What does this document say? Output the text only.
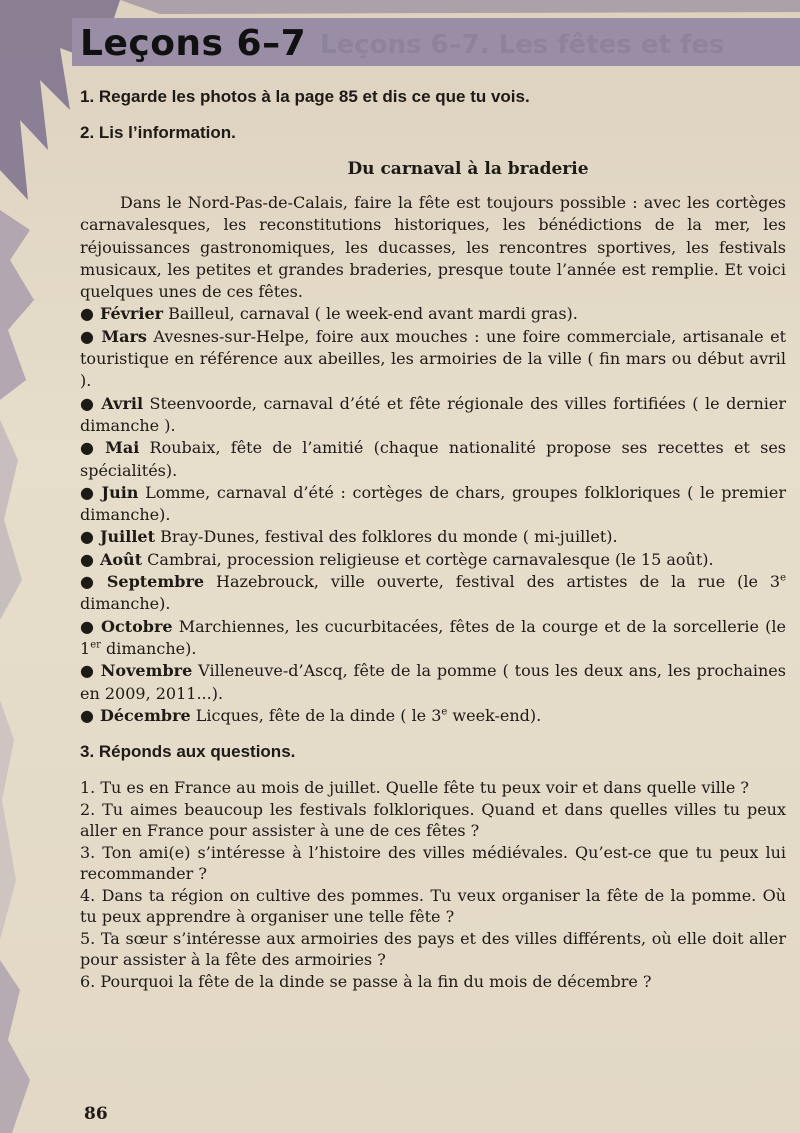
Leçons 6–7. Les fêtes et fes
Leçons 6–7

1. Regarde les photos à la page 85 et dis ce que tu vois.

2. Lis l’information.

Du carnaval à la braderie

Dans le Nord-Pas-de-Calais, faire la fête est toujours possible : avec les cortèges carnavalesques, les reconstitutions historiques, les bénédictions de la mer, les réjouissances gastronomiques, les ducasses, les rencontres sportives, les festivals musicaux, les petites et grandes braderies, presque toute l’année est remplie. Et voici quelques unes de ces fêtes.

● Février Bailleul, carnaval ( le week-end avant mardi gras).
● Mars Avesnes-sur-Helpe, foire aux mouches : une foire commerciale, artisanale et touristique en référence aux abeilles, les armoiries de la ville ( fin mars ou début avril ).
● Avril Steenvoorde, carnaval d’été et fête régionale des villes fortifiées ( le dernier dimanche ).
● Mai Roubaix, fête de l’amitié (chaque nationalité propose ses recettes et ses spécialités).
● Juin Lomme, carnaval d’été : cortèges de chars, groupes folkloriques ( le premier dimanche).
● Juillet Bray-Dunes, festival des folklores du monde ( mi-juillet).
● Août Cambrai, procession religieuse et cortège carnavalesque (le 15 août).
● Septembre Hazebrouck, ville ouverte, festival des artistes de la rue (le 3e dimanche).
● Octobre Marchiennes, les cucurbitacées, fêtes de la courge et de la sorcellerie (le 1er dimanche).
● Novembre Villeneuve-d’Ascq, fête de la pomme ( tous les deux ans, les prochaines en 2009, 2011...).
● Décembre Licques, fête de la dinde ( le 3e week-end).

3. Réponds aux questions.

1. Tu es en France au mois de juillet. Quelle fête tu peux voir et dans quelle ville ?
2. Tu aimes beaucoup les festivals folkloriques. Quand et dans quelles villes tu peux aller en France pour assister à une de ces fêtes ?
3. Ton ami(e) s’intéresse à l’histoire des villes médiévales. Qu’est-ce que tu peux lui recommander ?
4. Dans ta région on cultive des pommes. Tu veux organiser la fête de la pomme. Où tu peux apprendre à organiser une telle fête ?
5. Ta sœur s’intéresse aux armoiries des pays et des villes différents, où elle doit aller pour assister à la fête des armoiries ?
6. Pourquoi la fête de la dinde se passe à la fin du mois de décembre ?
86
